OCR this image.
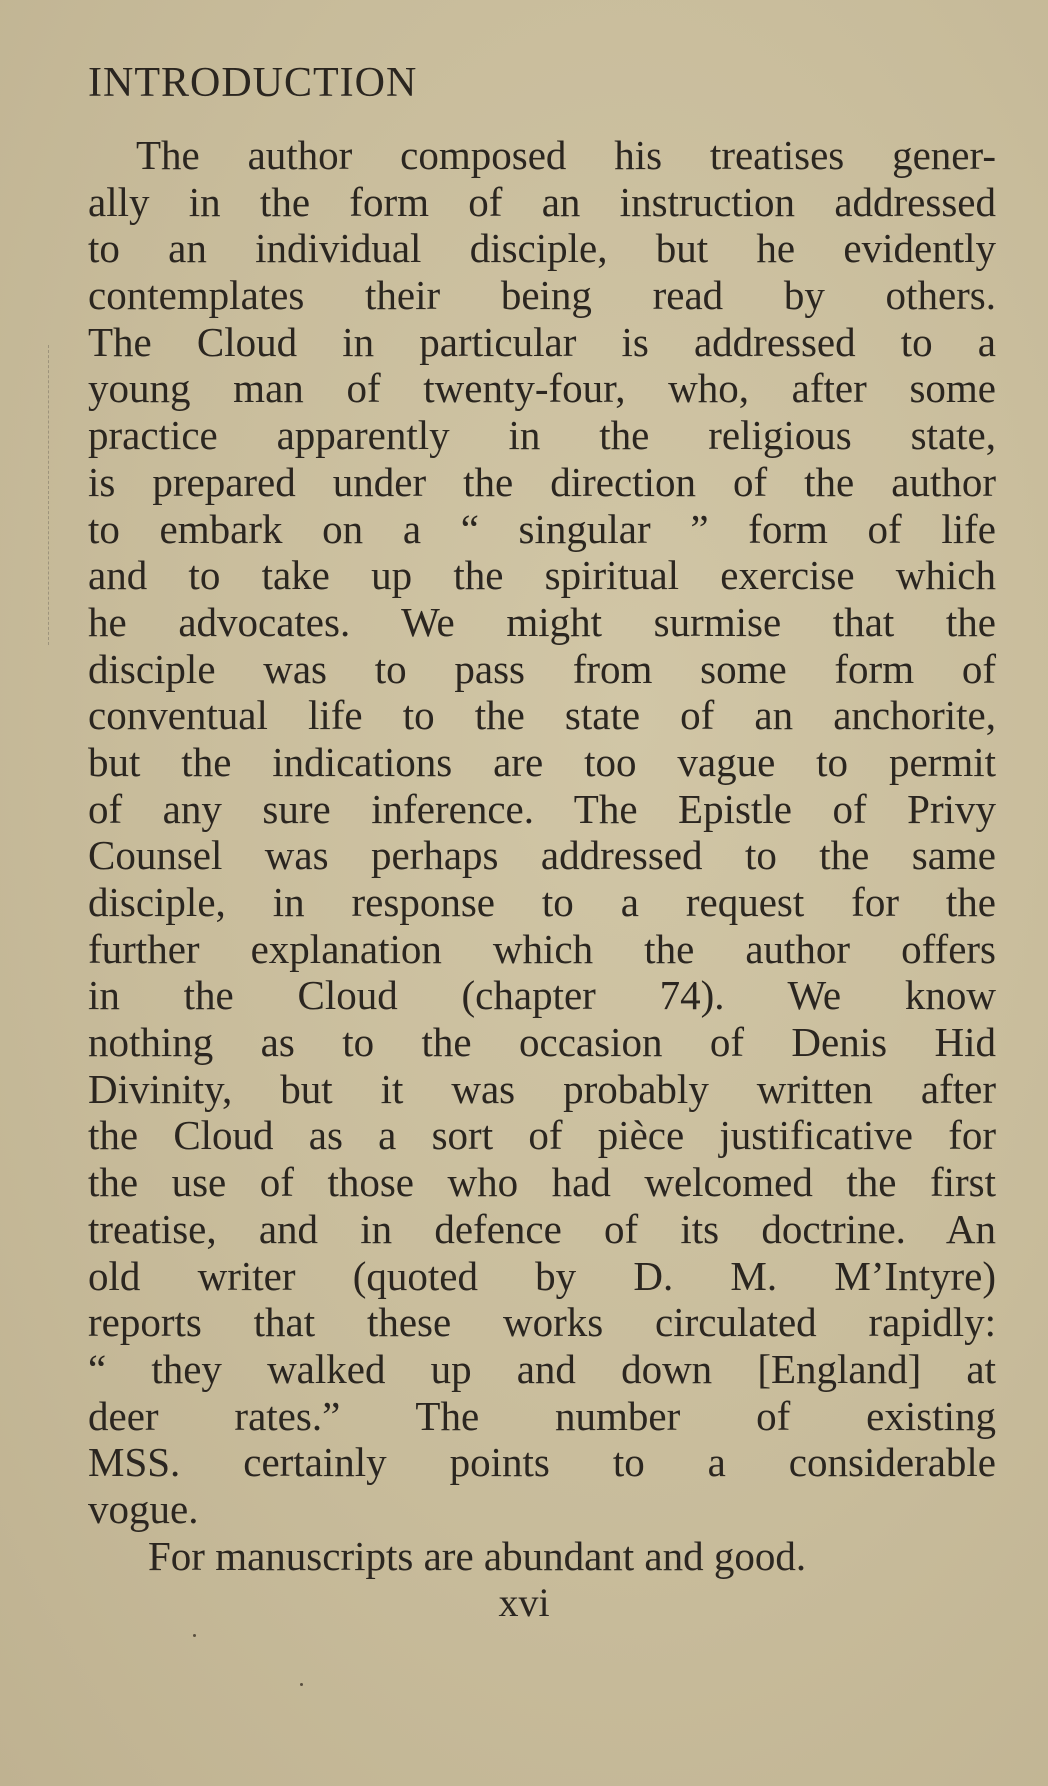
INTRODUCTION
The author composed his treatises gener-
ally in the form of an instruction addressed
to an individual disciple, but he evidently
contemplates their being read by others.
The Cloud in particular is addressed to a
young man of twenty-four, who, after some
practice apparently in the religious state,
is prepared under the direction of the author
to embark on a “ singular ” form of life
and to take up the spiritual exercise which
he advocates. We might surmise that the
disciple was to pass from some form of
conventual life to the state of an anchorite,
but the indications are too vague to permit
of any sure inference. The Epistle of Privy
Counsel was perhaps addressed to the same
disciple, in response to a request for the
further explanation which the author offers
in the Cloud (chapter 74). We know
nothing as to the occasion of Denis Hid
Divinity, but it was probably written after
the Cloud as a sort of pièce justificative for
the use of those who had welcomed the first
treatise, and in defence of its doctrine. An
old writer (quoted by D. M. M’Intyre)
reports that these works circulated rapidly:
“ they walked up and down [England] at
deer rates.” The number of existing
MSS. certainly points to a considerable
vogue.
For manuscripts are abundant and good.
xvi
